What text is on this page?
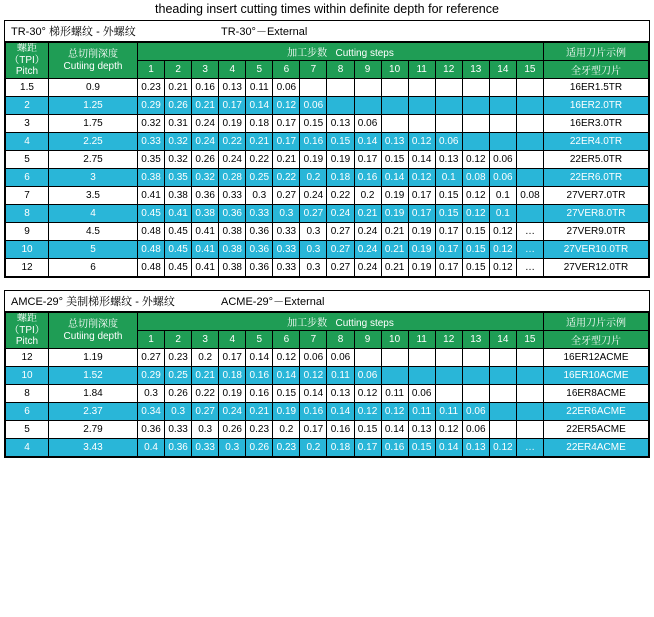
theading insert cutting times within definite depth for reference
TR-30° 梯形螺纹 - 外螺纹	TR-30°－External
螺距
（TPI）
Pitch	总切削深度
Cutiing depth	加工步数 Cutting steps															适用刀片示例
		1	2	3	4	5	6	7	8	9	10	11	12	13	14	15	全牙型刀片
1.5	0.9	0.23	0.21	0.16	0.13	0.11	0.06										16ER1.5TR
2	1.25	0.29	0.26	0.21	0.17	0.14	0.12	0.06									16ER2.0TR
3	1.75	0.32	0.31	0.24	0.19	0.18	0.17	0.15	0.13	0.06							16ER3.0TR
4	2.25	0.33	0.32	0.24	0.22	0.21	0.17	0.16	0.15	0.14	0.13	0.12	0.06				22ER4.0TR
5	2.75	0.35	0.32	0.26	0.24	0.22	0.21	0.19	0.19	0.17	0.15	0.14	0.13	0.12	0.06		22ER5.0TR
6	3	0.38	0.35	0.32	0.28	0.25	0.22	0.2	0.18	0.16	0.14	0.12	0.1	0.08	0.06		22ER6.0TR
7	3.5	0.41	0.38	0.36	0.33	0.3	0.27	0.24	0.22	0.2	0.19	0.17	0.15	0.12	0.1	0.08	27VER7.0TR
8	4	0.45	0.41	0.38	0.36	0.33	0.3	0.27	0.24	0.21	0.19	0.17	0.15	0.12	0.1		27VER8.0TR
9	4.5	0.48	0.45	0.41	0.38	0.36	0.33	0.3	0.27	0.24	0.21	0.19	0.17	0.15	0.12	…	27VER9.0TR
10	5	0.48	0.45	0.41	0.38	0.36	0.33	0.3	0.27	0.24	0.21	0.19	0.17	0.15	0.12	…	27VER10.0TR
12	6	0.48	0.45	0.41	0.38	0.36	0.33	0.3	0.27	0.24	0.21	0.19	0.17	0.15	0.12	…	27VER12.0TR
AMCE-29° 美制梯形螺纹 - 外螺纹	ACME-29°－External
螺距
（TPI）
Pitch	总切削深度
Cutiing depth	加工步数 Cutting steps															适用刀片示例
		1	2	3	4	5	6	7	8	9	10	11	12	13	14	15	全牙型刀片
12	1.19	0.27	0.23	0.2	0.17	0.14	0.12	0.06	0.06								16ER12ACME
10	1.52	0.29	0.25	0.21	0.18	0.16	0.14	0.12	0.11	0.06							16ER10ACME
8	1.84	0.3	0.26	0.22	0.19	0.16	0.15	0.14	0.13	0.12	0.11	0.06					16ER8ACME
6	2.37	0.34	0.3	0.27	0.24	0.21	0.19	0.16	0.14	0.12	0.12	0.11	0.11	0.06			22ER6ACME
5	2.79	0.36	0.33	0.3	0.26	0.23	0.2	0.17	0.16	0.15	0.14	0.13	0.12	0.06			22ER5ACME
4	3.43	0.4	0.36	0.33	0.3	0.26	0.23	0.2	0.18	0.17	0.16	0.15	0.14	0.13	0.12	…	22ER4ACME
